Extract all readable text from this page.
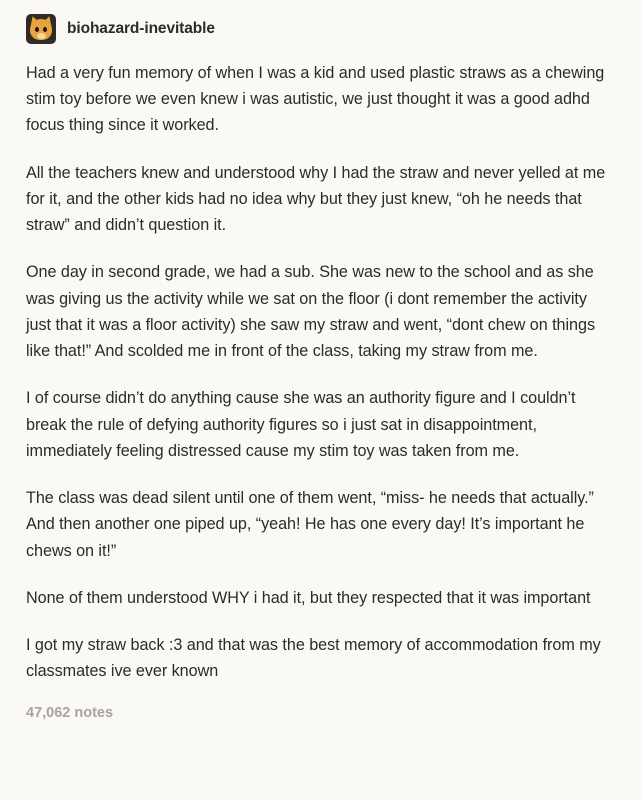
biohazard-inevitable

Had a very fun memory of when I was a kid and used plastic straws as a chewing stim toy before we even knew i was autistic, we just thought it was a good adhd focus thing since it worked.

All the teachers knew and understood why I had the straw and never yelled at me for it, and the other kids had no idea why but they just knew, “oh he needs that straw” and didn’t question it.

One day in second grade, we had a sub. She was new to the school and as she was giving us the activity while we sat on the floor (i dont remember the activity just that it was a floor activity) she saw my straw and went, “dont chew on things like that!” And scolded me in front of the class, taking my straw from me.

I of course didn’t do anything cause she was an authority figure and I couldn’t break the rule of defying authority figures so i just sat in disappointment, immediately feeling distressed cause my stim toy was taken from me.

The class was dead silent until one of them went, “miss- he needs that actually.” And then another one piped up, “yeah! He has one every day! It’s important he chews on it!”

None of them understood WHY i had it, but they respected that it was important

I got my straw back :3 and that was the best memory of accommodation from my classmates ive ever known

47,062 notes
